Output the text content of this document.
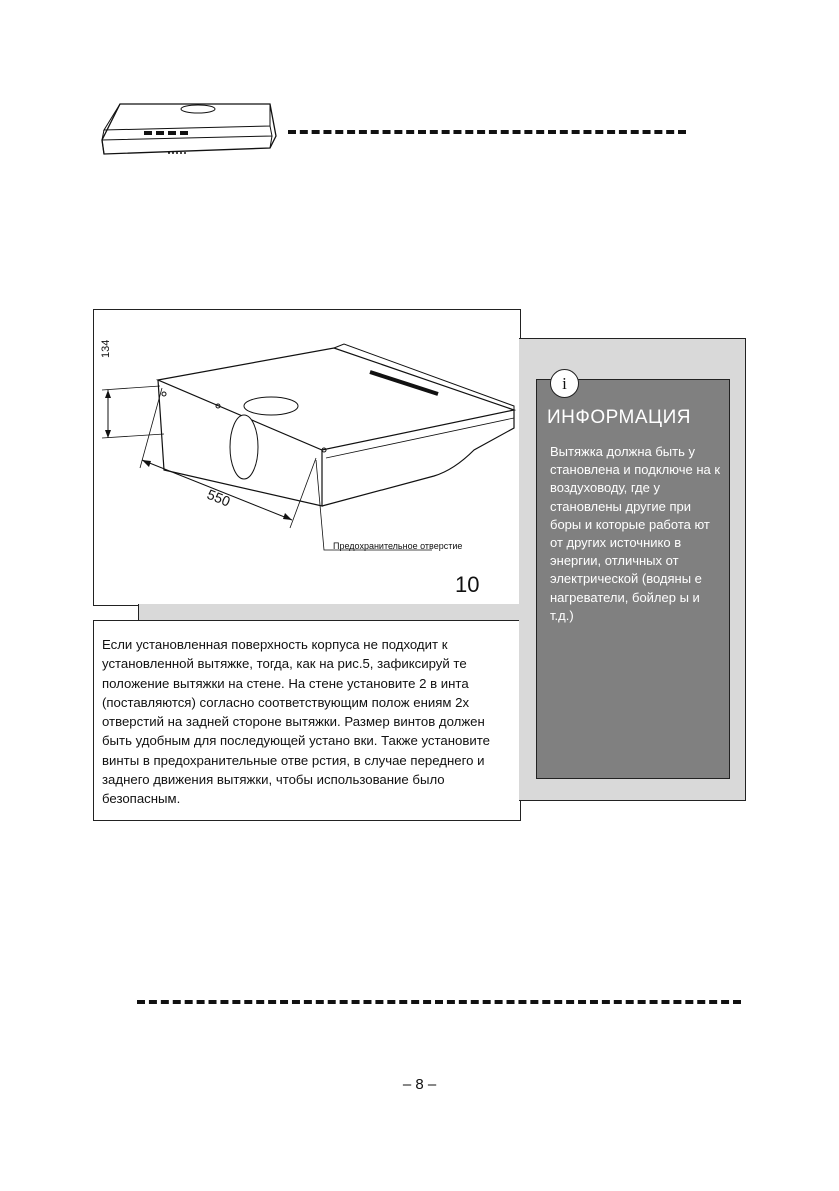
550
134
Предохранительное отверстие
10

Если установленная поверхность корпуса не подходит к установленной вытяжке, тогда, как на рис.5, зафиксируй те положение вытяжки на стене. На стене установите 2 в инта (поставляются) согласно соответствующим полож ениям 2х отверстий на задней стороне вытяжки. Размер винтов должен быть удобным для последующей устано вки. Также установите винты в предохранительные отве рстия, в случае переднего и заднего движения вытяжки, чтобы использование было безопасным.

i
ИНФОРМАЦИЯ

Вытяжка должна быть у становлена и подключе на к воздуховоду, где у становлены другие при боры и которые работа ют от других источнико в энергии, отличных от электрической (водяны е нагреватели, бойлер ы и т.д.)

– 8 –
